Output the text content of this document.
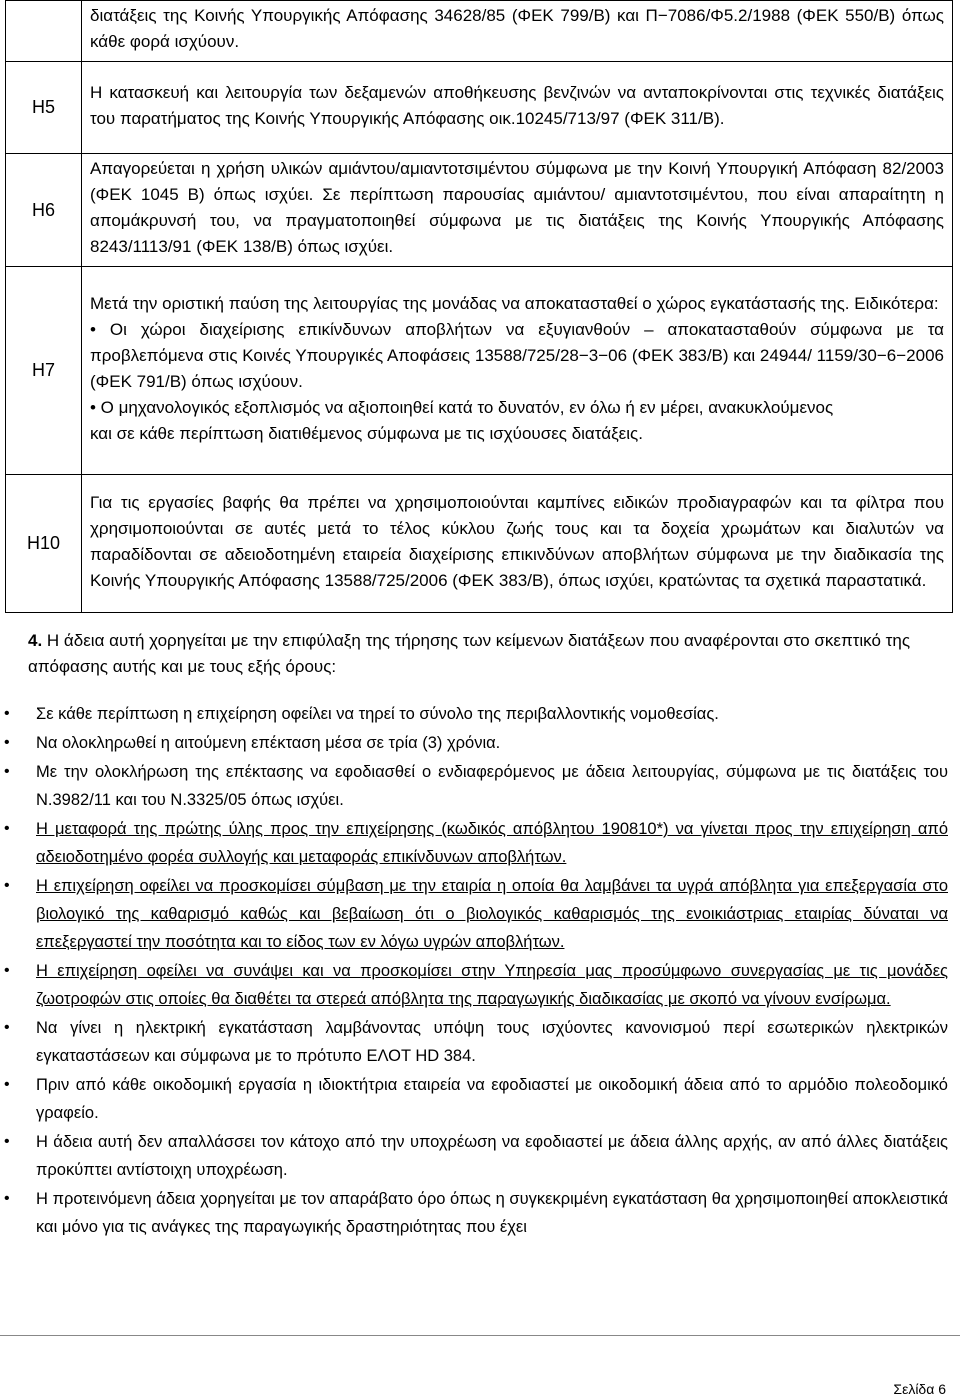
	διατάξεις της Κοινής Υπουργικής Απόφασης 34628/85 (ΦΕΚ 799/Β) και Π−7086/Φ5.2/1988 (ΦΕΚ 550/Β) όπως κάθε φορά ισχύουν.

Η5	Η κατασκευή και λειτουργία των δεξαμενών αποθήκευσης βενζινών να ανταποκρίνονται στις τεχνικές διατάξεις του παρατήματος της Κοινής Υπουργικής Απόφασης οικ.10245/713/97 (ΦΕΚ 311/Β).

Η6	Απαγορεύεται η χρήση υλικών αμιάντου/αμιαντοτσιμέντου σύμφωνα με την Κοινή Υπουργική Απόφαση 82/2003 (ΦΕΚ 1045 Β) όπως ισχύει. Σε περίπτωση παρουσίας αμιάντου/ αμιαντοτσιμέντου, που είναι απαραίτητη η απομάκρυνσή του, να πραγματοποιηθεί σύμφωνα με τις διατάξεις της Κοινής Υπουργικής Απόφασης 8243/1113/91 (ΦΕΚ 138/Β) όπως ισχύει.

Η7	Μετά την οριστική παύση της λειτουργίας της μονάδας να αποκατασταθεί ο χώρος εγκατάστασής της. Ειδικότερα:

• Οι χώροι διαχείρισης επικίνδυνων αποβλήτων να εξυγιανθούν – αποκατασταθούν σύμφωνα με τα προβλεπόμενα στις Κοινές Υπουργικές Αποφάσεις 13588/725/28−3−06 (ΦΕΚ 383/Β) και 24944/ 1159/30−6−2006 (ΦΕΚ 791/Β) όπως ισχύουν.

• Ο μηχανολογικός εξοπλισμός να αξιοποιηθεί κατά το δυνατόν, εν όλω ή εν μέρει, ανακυκλούμενος

και σε κάθε περίπτωση διατιθέμενος σύμφωνα με τις ισχύουσες διατάξεις.

Η10	Για τις εργασίες βαφής θα πρέπει να χρησιμοποιούνται καμπίνες ειδικών προδιαγραφών και τα φίλτρα που χρησιμοποιούνται σε αυτές μετά το τέλος κύκλου ζωής τους και τα δοχεία χρωμάτων και διαλυτών να παραδίδονται σε αδειοδοτημένη εταιρεία διαχείρισης επικινδύνων αποβλήτων σύμφωνα με την διαδικασία της Κοινής Υπουργικής Απόφασης 13588/725/2006 (ΦΕΚ 383/Β), όπως ισχύει, κρατώντας τα σχετικά παραστατικά.

4. Η άδεια αυτή χορηγείται με την επιφύλαξη της τήρησης των κείμενων διατάξεων που αναφέρονται στο σκεπτικό της απόφασης αυτής και με τους εξής όρους:
•	Σε κάθε περίπτωση η επιχείρηση οφείλει να τηρεί το σύνολο της περιβαλλοντικής νομοθεσίας.
•	Να ολοκληρωθεί η αιτούμενη επέκταση μέσα σε τρία (3) χρόνια.
•	Με την ολοκλήρωση της επέκτασης να εφοδιασθεί ο ενδιαφερόμενος με άδεια λειτουργίας, σύμφωνα με τις διατάξεις του Ν.3982/11 και του Ν.3325/05 όπως ισχύει.
•	Η μεταφορά της πρώτης ύλης προς την επιχείρησης (κωδικός απόβλητου 190810*) να γίνεται προς την επιχείρηση από αδειοδοτημένο φορέα συλλογής και μεταφοράς επικίνδυνων αποβλήτων.
•	Η επιχείρηση οφείλει να προσκομίσει σύμβαση με την εταιρία η οποία θα λαμβάνει τα υγρά απόβλητα για επεξεργασία στο βιολογικό της καθαρισμό καθώς και βεβαίωση ότι ο βιολογικός καθαρισμός της ενοικιάστριας εταιρίας δύναται να επεξεργαστεί την ποσότητα και το είδος των εν λόγω υγρών αποβλήτων.
•	Η επιχείρηση οφείλει να συνάψει και να προσκομίσει στην Υπηρεσία μας προσύμφωνο συνεργασίας με τις μονάδες ζωοτροφών στις οποίες θα διαθέτει τα στερεά απόβλητα της παραγωγικής διαδικασίας με σκοπό να γίνουν ενσίρωμα.
•	Να γίνει η ηλεκτρική εγκατάσταση λαμβάνοντας υπόψη τους ισχύοντες κανονισμού περί εσωτερικών ηλεκτρικών εγκαταστάσεων και σύμφωνα με το πρότυπο ΕΛΟΤ HD 384.
•	Πριν από κάθε οικοδομική εργασία η ιδιοκτήτρια εταιρεία να εφοδιαστεί με οικοδομική άδεια από το αρμόδιο πολεοδομικό γραφείο.
•	Η άδεια αυτή δεν απαλλάσσει τον κάτοχο από την υποχρέωση να εφοδιαστεί με άδεια άλλης αρχής, αν από άλλες διατάξεις προκύπτει αντίστοιχη υποχρέωση.
•	Η προτεινόμενη άδεια χορηγείται με τον απαράβατο όρο όπως η συγκεκριμένη εγκατάσταση θα χρησιμοποιηθεί αποκλειστικά και μόνο για τις ανάγκες της παραγωγικής δραστηριότητας που έχει
Σελίδα 6
